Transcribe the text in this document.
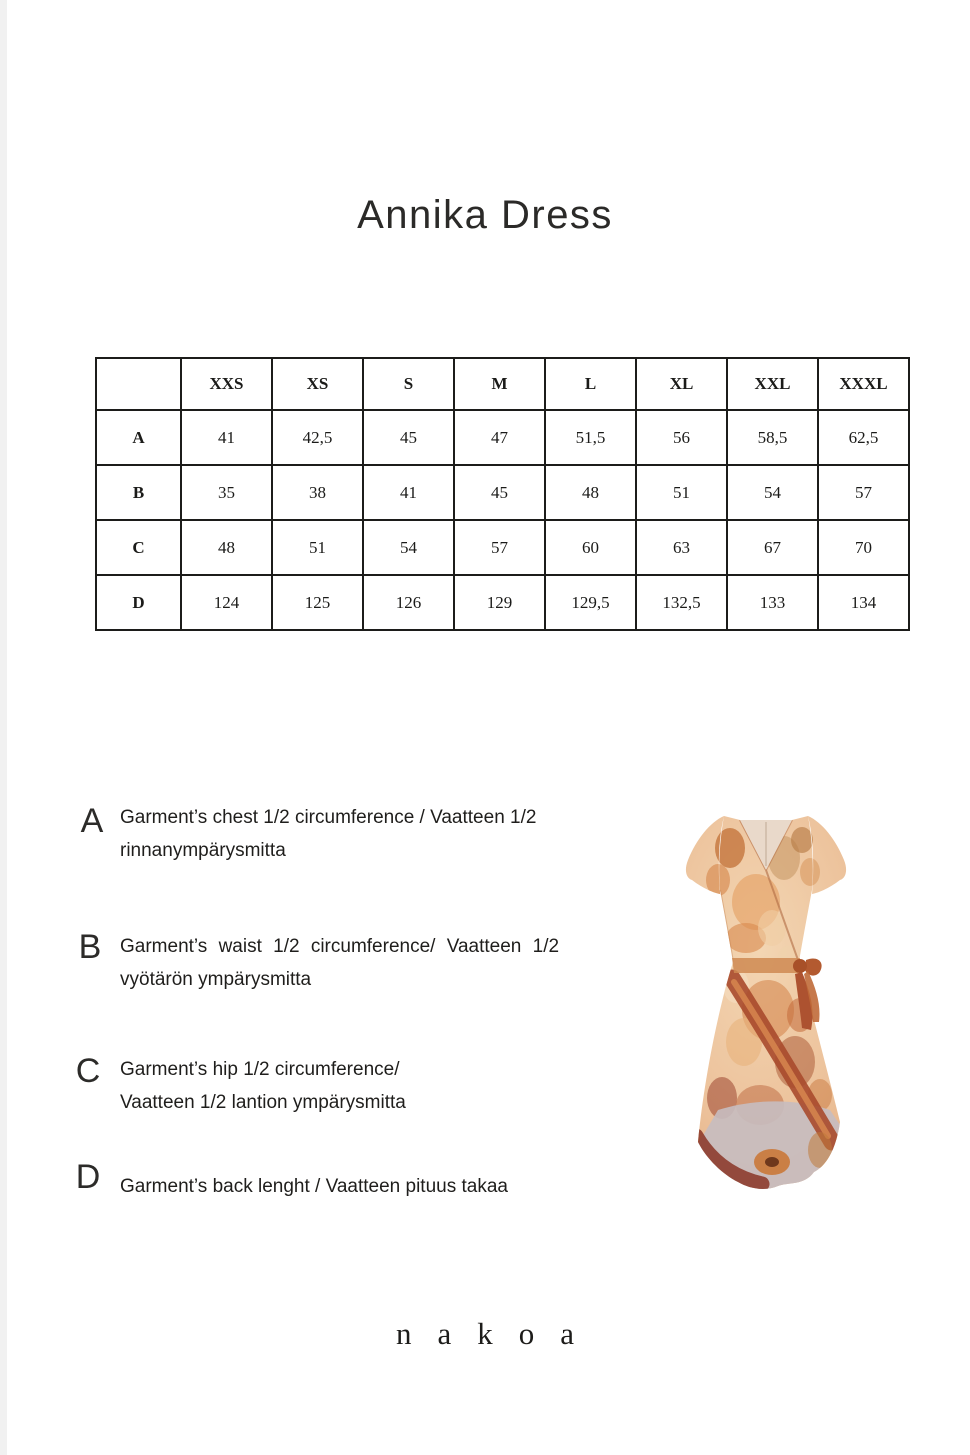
Annika Dress
	XXS	XS	S	M	L	XL	XXL	XXXL
A	41	42,5	45	47	51,5	56	58,5	62,5
B	35	38	41	45	48	51	54	57
C	48	51	54	57	60	63	67	70
D	124	125	126	129	129,5	132,5	133	134
A Garment’s chest 1/2 circumference / Vaatteen 1/2
rinnanympärysmitta
B Garment’s waist 1/2 circumference/ Vaatteen 1/2
vyötärön ympärysmitta
C	Garment’s hip 1/2 circumference/
Vaatteen 1/2 lantion ympärysmitta
D	Garment’s back lenght / Vaatteen pituus takaa
nakoa
